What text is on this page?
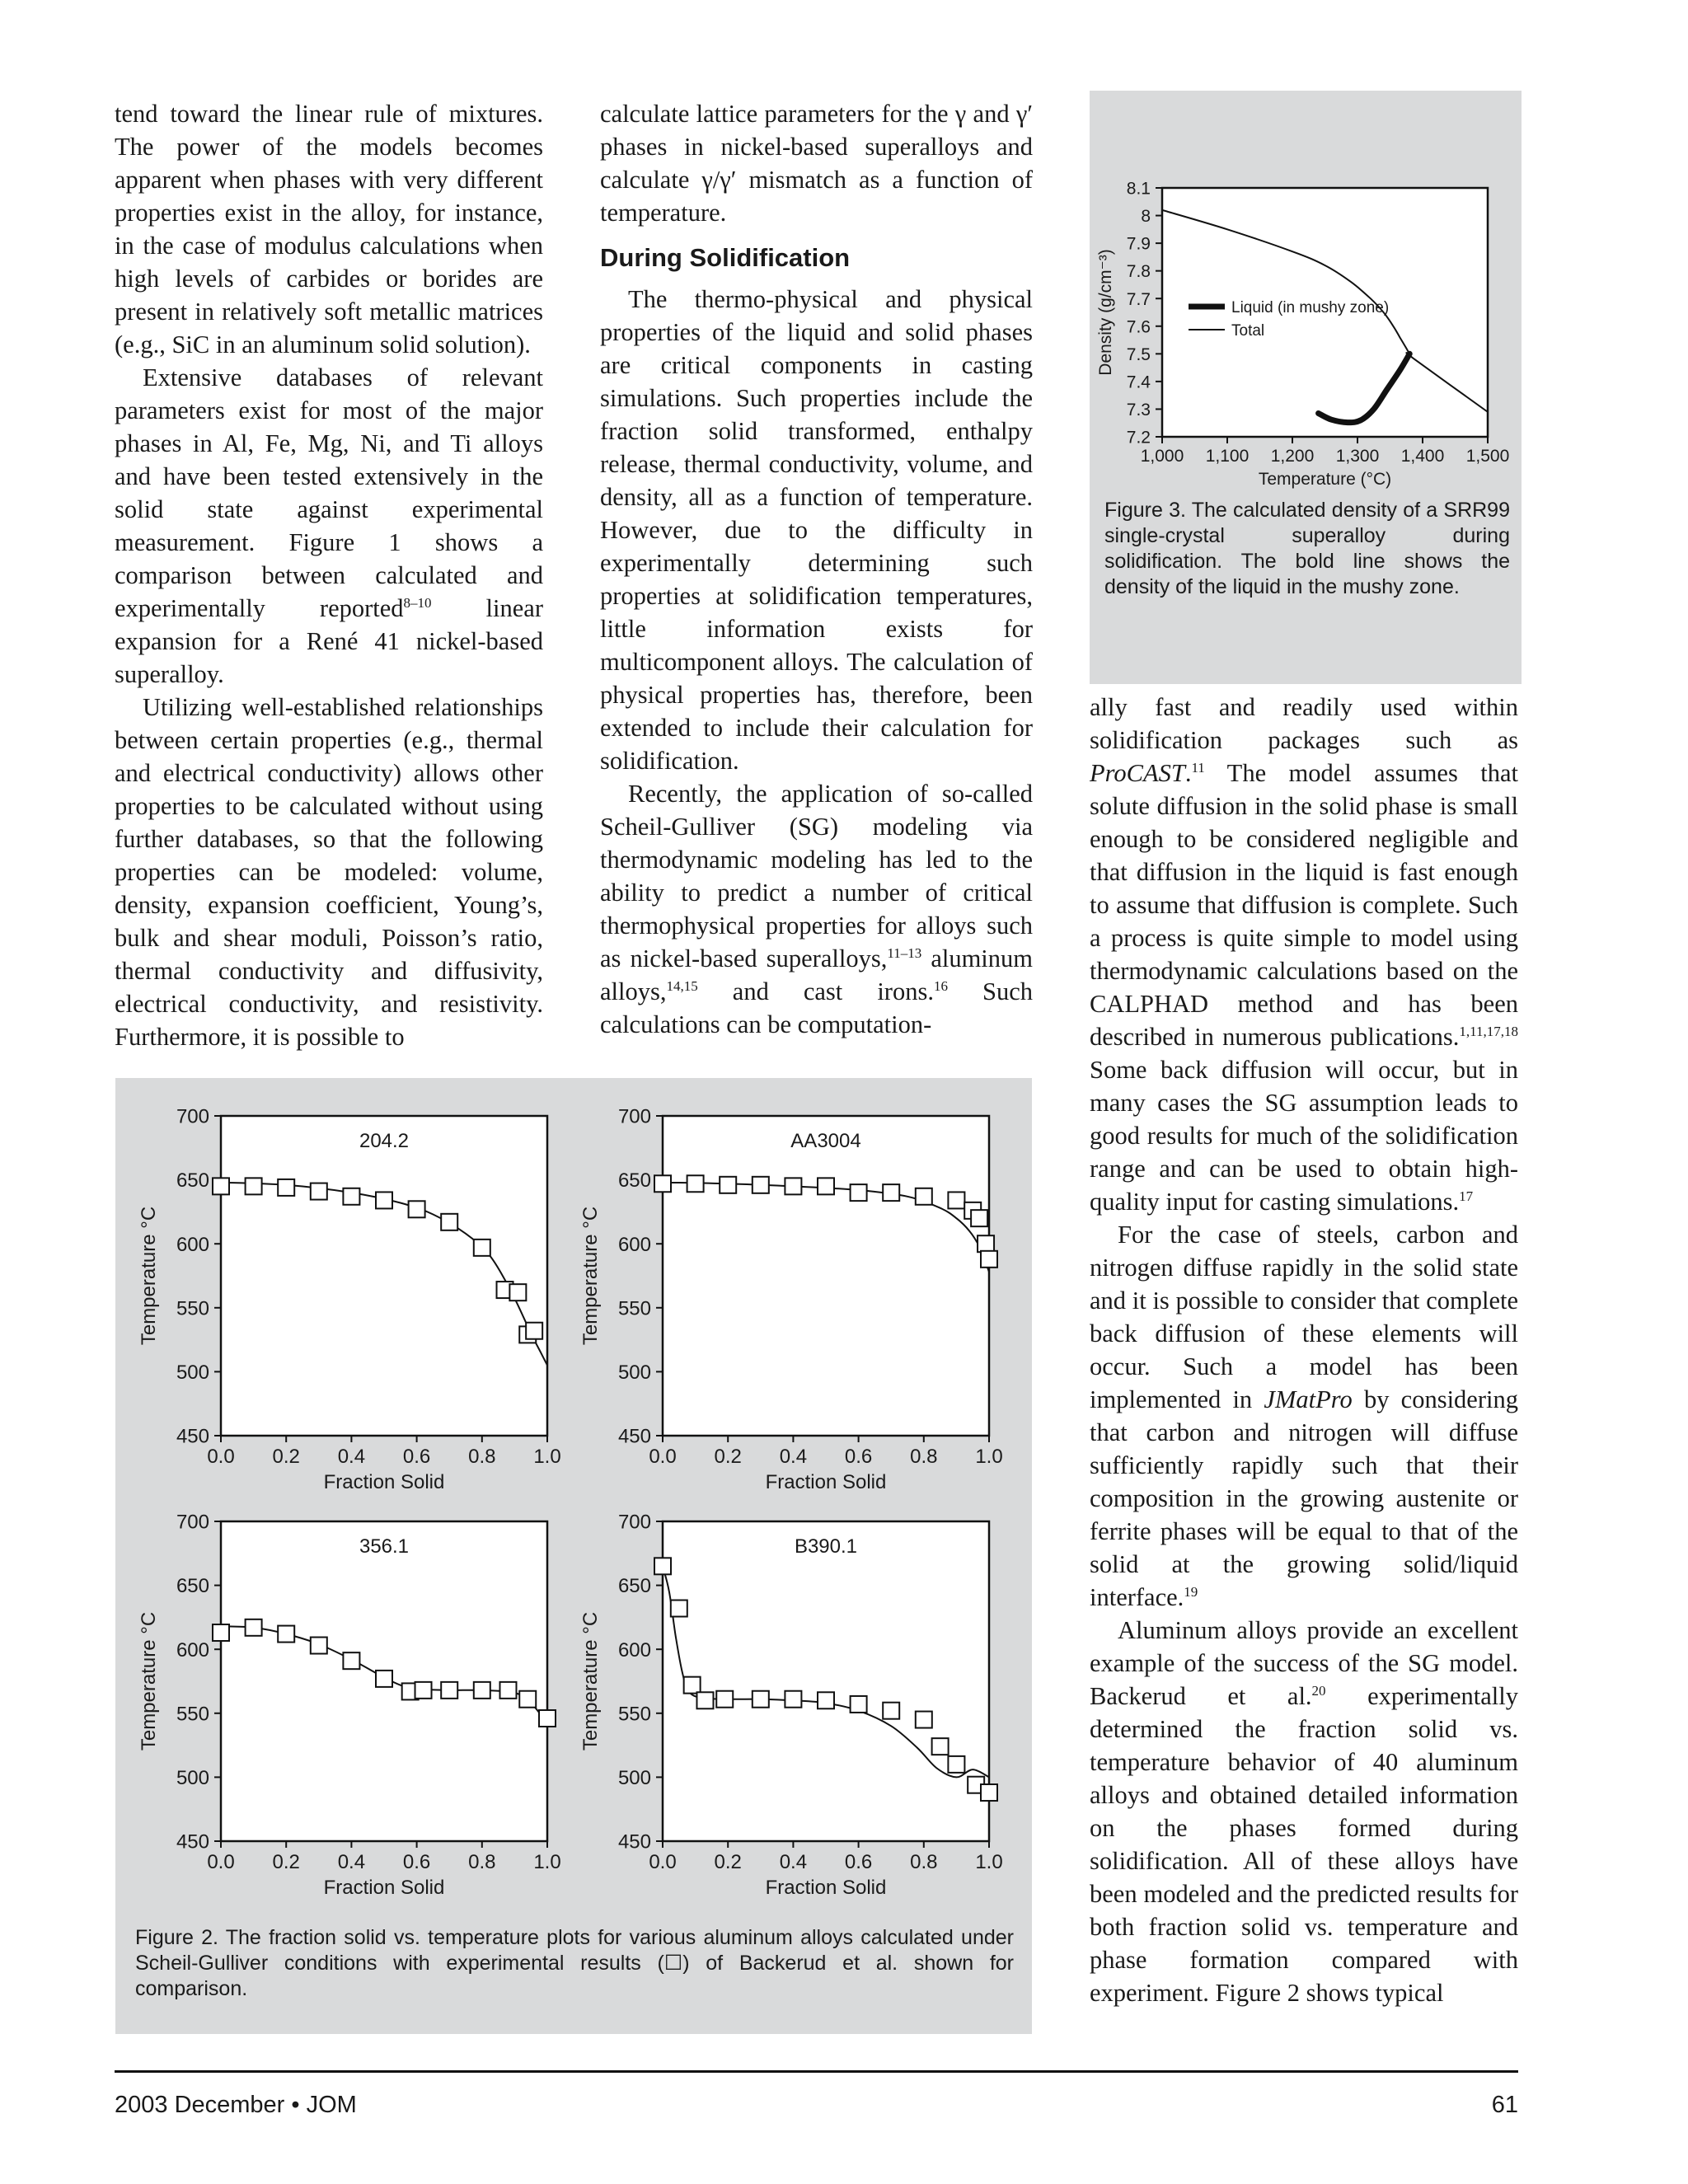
tend toward the linear rule of mixtures. The power of the models becomes apparent when phases with very different properties exist in the alloy, for instance, in the case of modulus calculations when high levels of carbides or borides are present in relatively soft metallic matrices (e.g., SiC in an aluminum solid solution).

Extensive databases of relevant parameters exist for most of the major phases in Al, Fe, Mg, Ni, and Ti alloys and have been tested extensively in the solid state against experimental measurement. Figure 1 shows a comparison between calculated and experimentally reported$^{8-10}$ linear expansion for a René 41 nickel-based superalloy.

Utilizing well-established relationships between certain properties (e.g., thermal and electrical conductivity) allows other properties to be calculated without using further databases, so that the following properties can be modeled: volume, density, expansion coefficient, Young’s, bulk and shear moduli, Poisson’s ratio, thermal conductivity and diffusivity, electrical conductivity, and resistivity. Furthermore, it is possible to

calculate lattice parameters for the γ and γ′ phases in nickel-based superalloys and calculate γ/γ′ mismatch as a function of temperature.

During Solidification

The thermo-physical and physical properties of the liquid and solid phases are critical components in casting simulations. Such properties include the fraction solid transformed, enthalpy release, thermal conductivity, volume, and density, all as a function of temperature. However, due to the difficulty in experimentally determining such properties at solidification temperatures, little information exists for multicomponent alloys. The calculation of physical properties has, therefore, been extended to include their calculation for solidification.

Recently, the application of so-called Scheil-Gulliver (SG) modeling via thermodynamic modeling has led to the ability to predict a number of critical thermophysical properties for alloys such as nickel-based superalloys,$^{11-13}$ aluminum alloys,$^{14,15}$ and cast irons.$^{16}$ Such calculations can be computation-

ally fast and readily used within solidification packages such as ProCAST.$^{11}$ The model assumes that solute diffusion in the solid phase is small enough to be considered negligible and that diffusion in the liquid is fast enough to assume that diffusion is complete. Such a process is quite simple to model using thermodynamic calculations based on the CALPHAD method and has been described in numerous publications.$^{1,11,17,18}$ Some back diffusion will occur, but in many cases the SG assumption leads to good results for much of the solidification range and can be used to obtain high-quality input for casting simulations.$^{17}$

For the case of steels, carbon and nitrogen diffuse rapidly in the solid state and it is possible to consider that complete back diffusion of these elements will occur. Such a model has been implemented in JMatPro by considering that carbon and nitrogen will diffuse sufficiently rapidly such that their composition in the growing austenite or ferrite phases will be equal to that of the solid at the growing solid/liquid interface.$^{19}$

Aluminum alloys provide an excellent example of the success of the SG model. Backerud et al.$^{20}$ experimentally determined the fraction solid vs. temperature behavior of 40 aluminum alloys and obtained detailed information on the phases formed during solidification. All of these alloys have been modeled and the predicted results for both fraction solid vs. temperature and phase formation compared with experiment. Figure 2 shows typical

7.2
7.3
7.4
7.5
7.6
7.7
7.8
7.9
8
8.1
1,000 1,100 1,200 1,300 1,400 1,500
Temperature (°C)
Density (g/cm⁻³)	Liquid (in mushy zone)
Total
Figure 3. The calculated density of a SRR99 single-crystal superalloy during solidification. The bold line shows the density of the liquid in the mushy zone.
450
500
550
600
650
700
0.0 0.2 0.4 0.6 0.8 1.0
Fraction Solid
Temperature °C
204.2
450
500
550
600
650
700
0.0 0.2 0.4 0.6 0.8 1.0
Fraction Solid
Temperature °C
AA3004
450
500
550
600
650
700
0.0 0.2 0.4 0.6 0.8 1.0
Fraction Solid
Temperature °C
356.1
450
500
550
600
650
700
0.0 0.2 0.4 0.6 0.8 1.0
Fraction Solid
Temperature °C
B390.1
Figure 2. The fraction solid vs. temperature plots for various aluminum alloys calculated under Scheil-Gulliver conditions with experimental results (☐) of Backerud et al. shown for comparison.
2003 December • JOM	61
